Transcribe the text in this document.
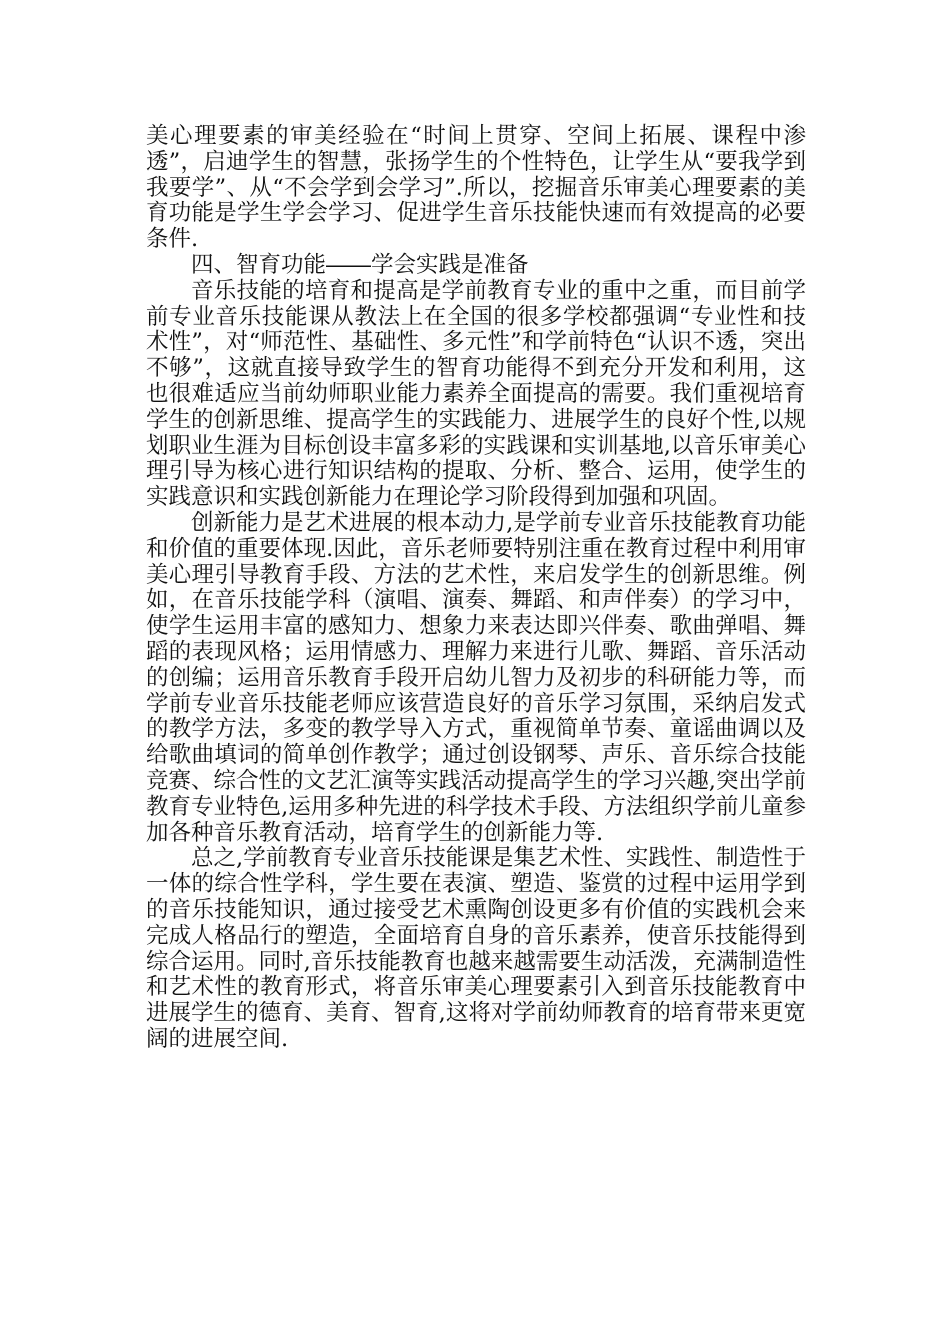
美心理要素的审美经验在“时间上贯穿、空间上拓展、课程中渗透”，启迪学生的智慧，张扬学生的个性特色，让学生从“要我学到我要学”、从“不会学到会学习”.所以，挖掘音乐审美心理要素的美育功能是学生学会学习、促进学生音乐技能快速而有效提高的必要条件.

四、智育功能――学会实践是准备

音乐技能的培育和提高是学前教育专业的重中之重，而目前学前专业音乐技能课从教法上在全国的很多学校都强调“专业性和技术性”，对“师范性、基础性、多元性”和学前特色“认识不透，突出不够”，这就直接导致学生的智育功能得不到充分开发和利用，这也很难适应当前幼师职业能力素养全面提高的需要。我们重视培育学生的创新思维、提高学生的实践能力、进展学生的良好个性,以规划职业生涯为目标创设丰富多彩的实践课和实训基地,以音乐审美心理引导为核心进行知识结构的提取、分析、整合、运用，使学生的实践意识和实践创新能力在理论学习阶段得到加强和巩固。

创新能力是艺术进展的根本动力,是学前专业音乐技能教育功能和价值的重要体现.因此，音乐老师要特别注重在教育过程中利用审美心理引导教育手段、方法的艺术性，来启发学生的创新思维。例如，在音乐技能学科（演唱、演奏、舞蹈、和声伴奏）的学习中，使学生运用丰富的感知力、想象力来表达即兴伴奏、歌曲弹唱、舞蹈的表现风格；运用情感力、理解力来进行儿歌、舞蹈、音乐活动的创编；运用音乐教育手段开启幼儿智力及初步的科研能力等，而学前专业音乐技能老师应该营造良好的音乐学习氛围，采纳启发式的教学方法，多变的教学导入方式，重视简单节奏、童谣曲调以及给歌曲填词的简单创作教学；通过创设钢琴、声乐、音乐综合技能竞赛、综合性的文艺汇演等实践活动提高学生的学习兴趣,突出学前教育专业特色,运用多种先进的科学技术手段、方法组织学前儿童参加各种音乐教育活动，培育学生的创新能力等.

总之,学前教育专业音乐技能课是集艺术性、实践性、制造性于一体的综合性学科，学生要在表演、塑造、鉴赏的过程中运用学到的音乐技能知识，通过接受艺术熏陶创设更多有价值的实践机会来完成人格品行的塑造，全面培育自身的音乐素养，使音乐技能得到综合运用。同时,音乐技能教育也越来越需要生动活泼，充满制造性和艺术性的教育形式，将音乐审美心理要素引入到音乐技能教育中进展学生的德育、美育、智育,这将对学前幼师教育的培育带来更宽阔的进展空间.
